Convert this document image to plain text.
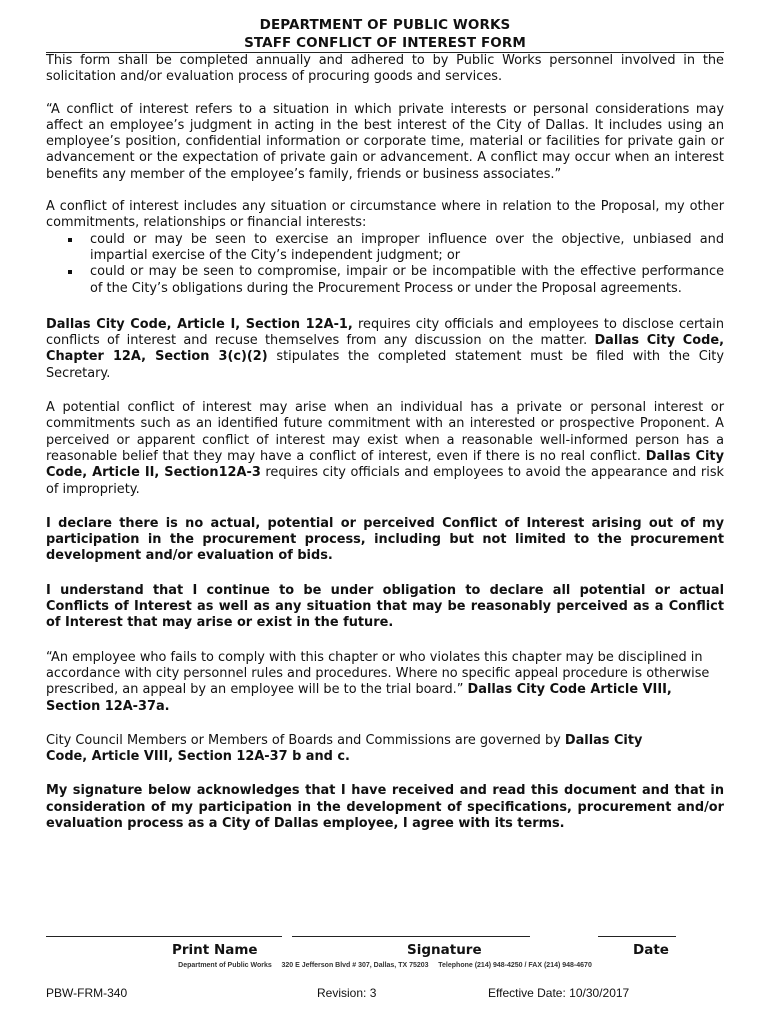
DEPARTMENT OF PUBLIC WORKS
STAFF CONFLICT OF INTEREST FORM

This form shall be completed annually and adhered to by Public Works personnel involved in the solicitation and/or evaluation process of procuring goods and services.

“A conflict of interest refers to a situation in which private interests or personal considerations may affect an employee’s judgment in acting in the best interest of the City of Dallas. It includes using an employee’s position, confidential information or corporate time, material or facilities for private gain or advancement or the expectation of private gain or advancement. A conflict may occur when an interest benefits any member of the employee’s family, friends or business associates.”

A conflict of interest includes any situation or circumstance where in relation to the Proposal, my other commitments, relationships or financial interests:

could or may be seen to exercise an improper influence over the objective, unbiased and impartial exercise of the City’s independent judgment; or
could or may be seen to compromise, impair or be incompatible with the effective performance of the City’s obligations during the Procurement Process or under the Proposal agreements.

Dallas City Code, Article I, Section 12A-1, requires city officials and employees to disclose certain conflicts of interest and recuse themselves from any discussion on the matter. Dallas City Code, Chapter 12A, Section 3(c)(2) stipulates the completed statement must be filed with the City Secretary.

A potential conflict of interest may arise when an individual has a private or personal interest or commitments such as an identified future commitment with an interested or prospective Proponent. A perceived or apparent conflict of interest may exist when a reasonable well-informed person has a reasonable belief that they may have a conflict of interest, even if there is no real conflict. Dallas City Code, Article II, Section12A-3 requires city officials and employees to avoid the appearance and risk of impropriety.

I declare there is no actual, potential or perceived Conflict of Interest arising out of my participation in the procurement process, including but not limited to the procurement development and/or evaluation of bids.

I understand that I continue to be under obligation to declare all potential or actual Conflicts of Interest as well as any situation that may be reasonably perceived as a Conflict of Interest that may arise or exist in the future.

“An employee who fails to comply with this chapter or who violates this chapter may be disciplined in accordance with city personnel rules and procedures. Where no specific appeal procedure is otherwise prescribed, an appeal by an employee will be to the trial board.” Dallas City Code Article VIII, Section 12A-37a.

City Council Members or Members of Boards and Commissions are governed by Dallas City Code, Article VIII, Section 12A-37 b and c.

My signature below acknowledges that I have received and read this document and that in consideration of my participation in the development of specifications, procurement and/or evaluation process as a City of Dallas employee, I agree with its terms.

Print Name	Signature	Date
Department of Public Works     320 E Jefferson Blvd # 307, Dallas, TX 75203     Telephone (214) 948-4250 / FAX (214) 948-4670
PBW-FRM-340	Revision: 3	Effective Date: 10/30/2017
